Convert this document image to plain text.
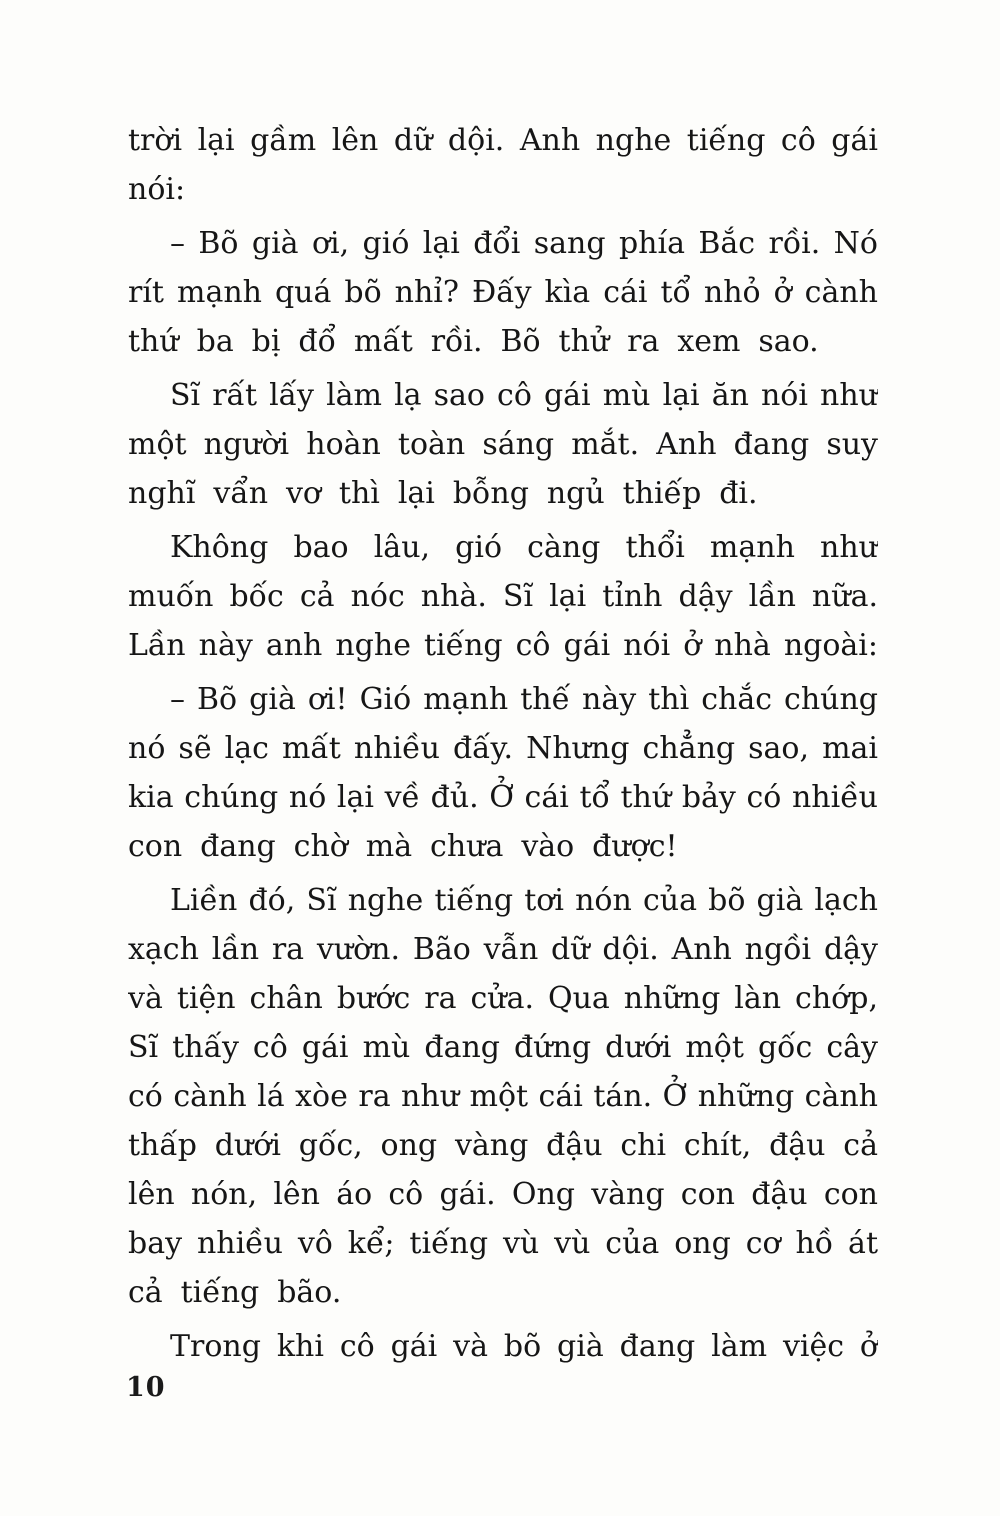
trời lại gầm lên dữ dội. Anh nghe tiếng cô gái
nói:
– Bõ già ơi, gió lại đổi sang phía Bắc rồi. Nó
rít mạnh quá bõ nhỉ? Đấy kìa cái tổ nhỏ ở cành
thứ ba bị đổ mất rồi. Bõ thử ra xem sao.
Sĩ rất lấy làm lạ sao cô gái mù lại ăn nói như
một người hoàn toàn sáng mắt. Anh đang suy
nghĩ vẩn vơ thì lại bỗng ngủ thiếp đi.
Không bao lâu, gió càng thổi mạnh như
muốn bốc cả nóc nhà. Sĩ lại tỉnh dậy lần nữa.
Lần này anh nghe tiếng cô gái nói ở nhà ngoài:
– Bõ già ơi! Gió mạnh thế này thì chắc chúng
nó sẽ lạc mất nhiều đấy. Nhưng chẳng sao, mai
kia chúng nó lại về đủ. Ở cái tổ thứ bảy có nhiều
con đang chờ mà chưa vào được!
Liền đó, Sĩ nghe tiếng tơi nón của bõ già lạch
xạch lần ra vườn. Bão vẫn dữ dội. Anh ngồi dậy
và tiện chân bước ra cửa. Qua những làn chớp,
Sĩ thấy cô gái mù đang đứng dưới một gốc cây
có cành lá xòe ra như một cái tán. Ở những cành
thấp dưới gốc, ong vàng đậu chi chít, đậu cả
lên nón, lên áo cô gái. Ong vàng con đậu con
bay nhiều vô kể; tiếng vù vù của ong cơ hồ át
cả tiếng bão.
Trong khi cô gái và bõ già đang làm việc ở
10
